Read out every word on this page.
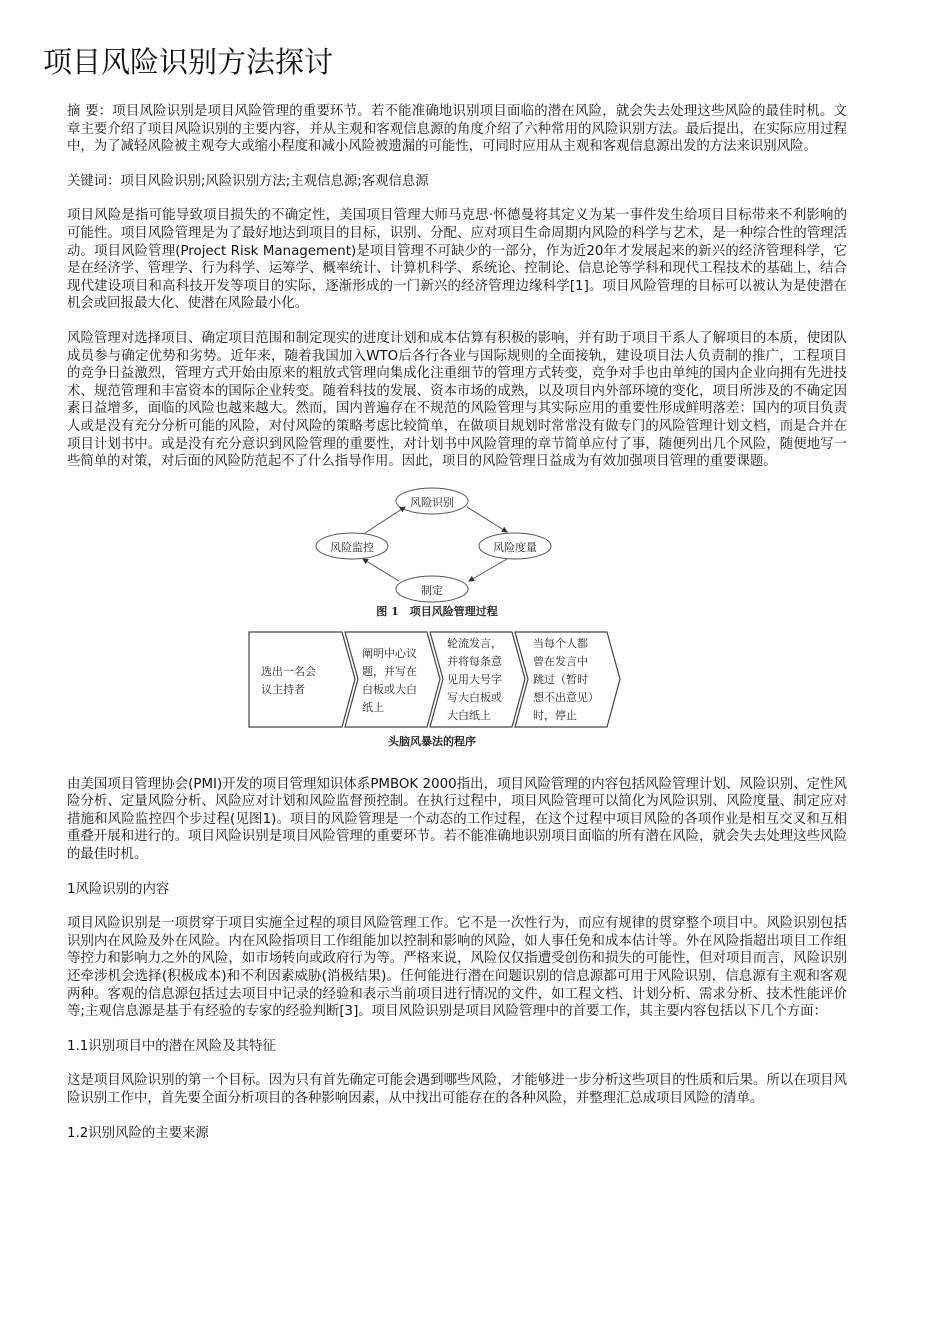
项目风险识别方法探讨

摘 要：项目风险识别是项目风险管理的重要环节。若不能准确地识别项目面临的潜在风险，就会失去处理这些风险的最佳时机。文章主要介绍了项目风险识别的主要内容，并从主观和客观信息源的角度介绍了六种常用的风险识别方法。最后提出，在实际应用过程中，为了减轻风险被主观夸大或缩小程度和减小风险被遗漏的可能性，可同时应用从主观和客观信息源出发的方法来识别风险。

关键词：项目风险识别;风险识别方法;主观信息源;客观信息源

项目风险是指可能导致项目损失的不确定性，美国项目管理大师马克思·怀德曼将其定义为某一事件发生给项目目标带来不利影响的可能性。项目风险管理是为了最好地达到项目的目标，识别、分配、应对项目生命周期内风险的科学与艺术，是一种综合性的管理活动。项目风险管理(Project Risk Management)是项目管理不可缺少的一部分，作为近20年才发展起来的新兴的经济管理科学，它是在经济学、管理学、行为科学、运筹学、概率统计、计算机科学、系统论、控制论、信息论等学科和现代工程技术的基础上，结合现代建设项目和高科技开发等项目的实际，逐渐形成的一门新兴的经济管理边缘科学[1]。项目风险管理的目标可以被认为是使潜在机会或回报最大化、使潜在风险最小化。

风险管理对选择项目、确定项目范围和制定现实的进度计划和成本估算有积极的影响，并有助于项目干系人了解项目的本质，使团队成员参与确定优势和劣势。近年来，随着我国加入WTO后各行各业与国际规则的全面接轨，建设项目法人负责制的推广，工程项目的竞争日益激烈，管理方式开始由原来的粗放式管理向集成化注重细节的管理方式转变，竞争对手也由单纯的国内企业向拥有先进技术、规范管理和丰富资本的国际企业转变。随着科技的发展、资本市场的成熟，以及项目内外部环境的变化，项目所涉及的不确定因素日益增多，面临的风险也越来越大。然而，国内普遍存在不规范的风险管理与其实际应用的重要性形成鲜明落差：国内的项目负责人或是没有充分分析可能的风险，对付风险的策略考虑比较简单，在做项目规划时常常没有做专门的风险管理计划文档，而是合并在项目计划书中。或是没有充分意识到风险管理的重要性，对计划书中风险管理的章节简单应付了事，随便列出几个风险，随便地写一些简单的对策，对后面的风险防范起不了什么指导作用。因此，项目的风险管理日益成为有效加强项目管理的重要课题。

风险识别
风险度量
制定
风险监控
图 1　项目风险管理过程
选出一名会
议主持者
阐明中心议
题，并写在
白板或大白
纸上
轮流发言，
并将每条意
见用大号字
写大白板或
大白纸上
当每个人都
曾在发言中
跳过（暂时
想不出意见）
时，停止
头脑风暴法的程序

由美国项目管理协会(PMI)开发的项目管理知识体系PMBOK 2000指出，项目风险管理的内容包括风险管理计划、风险识别、定性风险分析、定量风险分析、风险应对计划和风险监督预控制。在执行过程中，项目风险管理可以简化为风险识别、风险度量、制定应对措施和风险监控四个步过程(见图1)。项目的风险管理是一个动态的工作过程，在这个过程中项目风险的各项作业是相互交叉和互相重叠开展和进行的。项目风险识别是项目风险管理的重要环节。若不能准确地识别项目面临的所有潜在风险，就会失去处理这些风险的最佳时机。

1风险识别的内容

项目风险识别是一项贯穿于项目实施全过程的项目风险管理工作。它不是一次性行为，而应有规律的贯穿整个项目中。风险识别包括识别内在风险及外在风险。内在风险指项目工作组能加以控制和影响的风险，如人事任免和成本估计等。外在风险指超出项目工作组等控力和影响力之外的风险，如市场转向或政府行为等。严格来说，风险仅仅指遭受创伤和损失的可能性，但对项目而言，风险识别还牵涉机会选择(积极成本)和不利因素威胁(消极结果)。任何能进行潜在问题识别的信息源都可用于风险识别，信息源有主观和客观两种。客观的信息源包括过去项目中记录的经验和表示当前项目进行情况的文件，如工程文档、计划分析、需求分析、技术性能评价等;主观信息源是基于有经验的专家的经验判断[3]。项目风险识别是项目风险管理中的首要工作，其主要内容包括以下几个方面：

1.1识别项目中的潜在风险及其特征

这是项目风险识别的第一个目标。因为只有首先确定可能会遇到哪些风险，才能够进一步分析这些项目的性质和后果。所以在项目风险识别工作中，首先要全面分析项目的各种影响因素，从中找出可能存在的各种风险，并整理汇总成项目风险的清单。

1.2识别风险的主要来源
